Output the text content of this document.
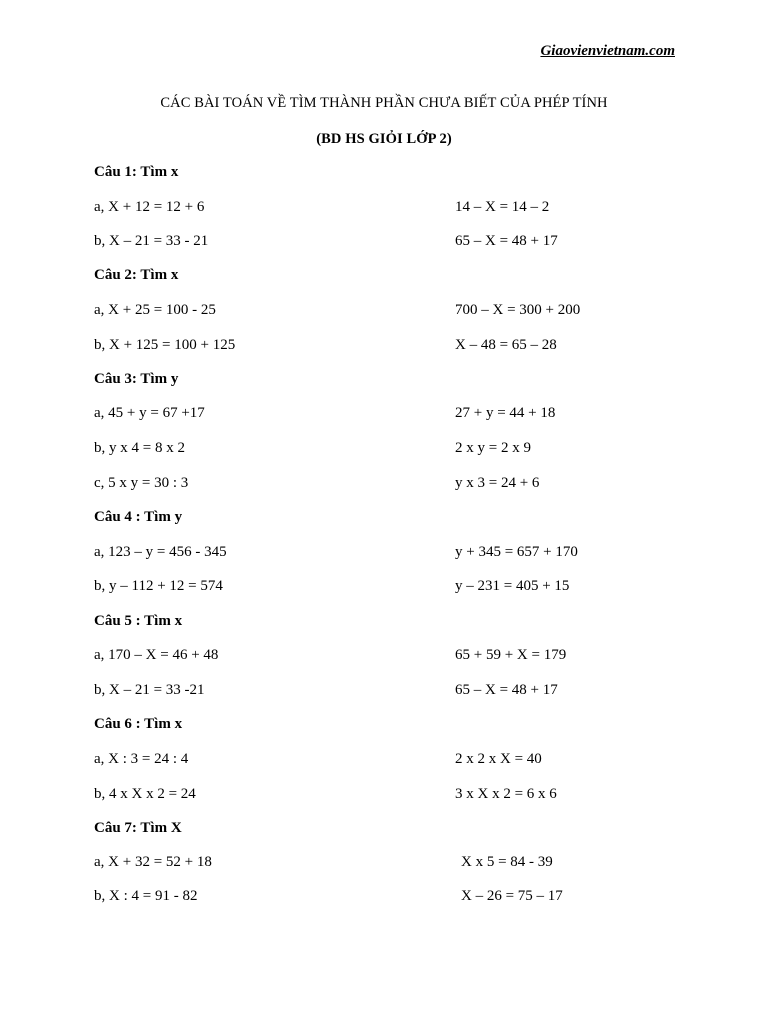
Giaovienvietnam.com
CÁC BÀI TOÁN VỀ TÌM THÀNH PHẦN CHƯA BIẾT CỦA PHÉP TÍNH
(BD HS GIỎI LỚP 2)
Câu 1: Tìm x
a, X + 12 = 12 + 6	14 – X = 14 – 2
b, X – 21 = 33 - 21	65 – X = 48 + 17
Câu 2: Tìm x
a, X + 25 = 100 - 25	700 – X = 300 + 200
b, X + 125 = 100 + 125	X – 48 = 65 – 28
Câu 3: Tìm y
a, 45 + y = 67 +17	27 + y = 44 + 18
b, y x 4 = 8 x 2	2 x y = 2 x 9
c, 5 x y = 30 : 3	y x 3 = 24 + 6
Câu 4 : Tìm y
a, 123 – y = 456 - 345	y + 345 = 657 + 170
b, y – 112 + 12 = 574	y – 231 = 405 + 15
Câu 5 : Tìm x
a, 170 – X = 46 + 48	65 + 59 + X = 179
b, X – 21 = 33 -21	65 – X = 48 + 17
Câu 6 : Tìm x
a, X : 3 = 24 : 4	2 x 2 x X = 40
b, 4 x X x 2 = 24	3 x X x 2 = 6 x 6
Câu 7: Tìm X
a, X + 32 = 52 + 18	X x 5 = 84 - 39
b, X : 4 = 91 - 82	X – 26 = 75 – 17
